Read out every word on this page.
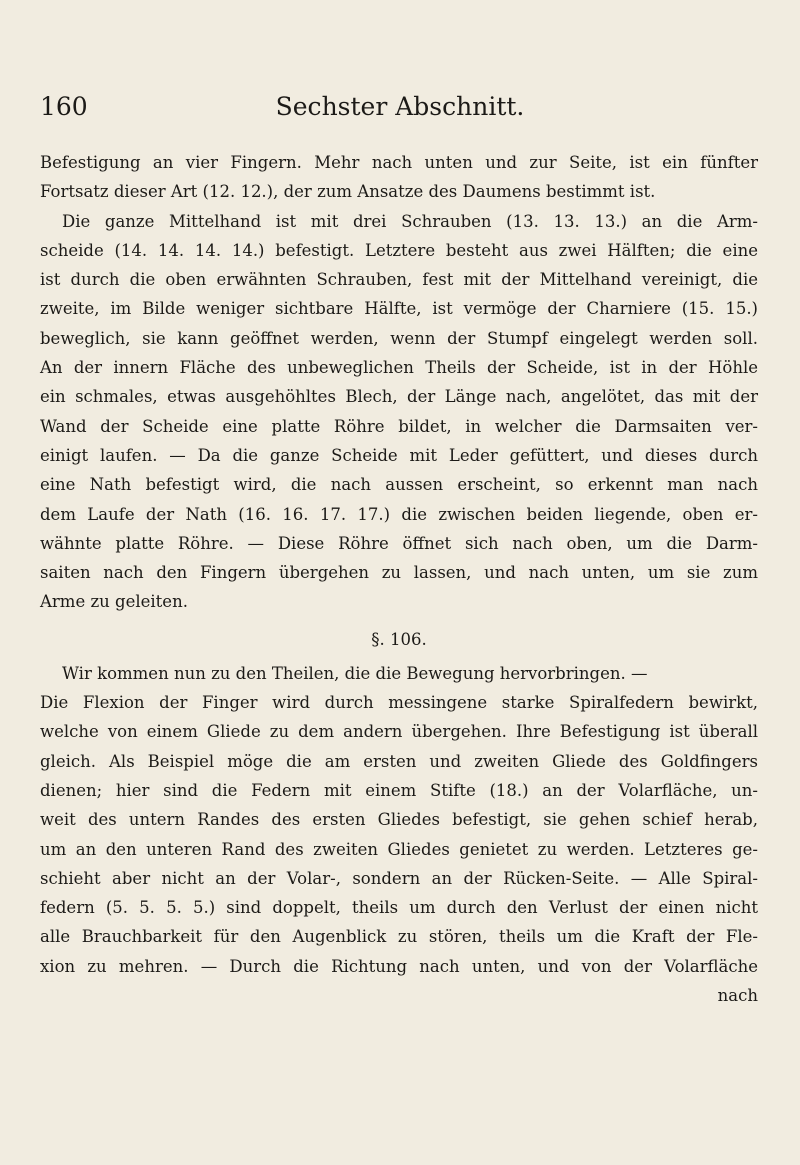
160	Sechster Abschnitt.
Befestigung an vier Fingern. Mehr nach unten und zur Seite, ist ein fünfter
Fortsatz dieser Art (12. 12.), der zum Ansatze des Daumens bestimmt ist.
Die ganze Mittelhand ist mit drei Schrauben (13. 13. 13.) an die Arm-
scheide (14. 14. 14. 14.) befestigt. Letztere besteht aus zwei Hälften; die eine
ist durch die oben erwähnten Schrauben, fest mit der Mittelhand vereinigt, die
zweite, im Bilde weniger sichtbare Hälfte, ist vermöge der Charniere (15. 15.)
beweglich, sie kann geöffnet werden, wenn der Stumpf eingelegt werden soll.
An der innern Fläche des unbeweglichen Theils der Scheide, ist in der Höhle
ein schmales, etwas ausgehöhltes Blech, der Länge nach, angelötet, das mit der
Wand der Scheide eine platte Röhre bildet, in welcher die Darmsaiten ver-
einigt laufen. — Da die ganze Scheide mit Leder gefüttert, und dieses durch
eine Nath befestigt wird, die nach aussen erscheint, so erkennt man nach
dem Laufe der Nath (16. 16. 17. 17.) die zwischen beiden liegende, oben er-
wähnte platte Röhre. — Diese Röhre öffnet sich nach oben, um die Darm-
saiten nach den Fingern übergehen zu lassen, und nach unten, um sie zum
Arme zu geleiten.
§. 106.
Wir kommen nun zu den Theilen, die die Bewegung hervorbringen. —
Die Flexion der Finger wird durch messingene starke Spiralfedern bewirkt,
welche von einem Gliede zu dem andern übergehen. Ihre Befestigung ist überall
gleich. Als Beispiel möge die am ersten und zweiten Gliede des Goldfingers
dienen; hier sind die Federn mit einem Stifte (18.) an der Volarfläche, un-
weit des untern Randes des ersten Gliedes befestigt, sie gehen schief herab,
um an den unteren Rand des zweiten Gliedes genietet zu werden. Letzteres ge-
schieht aber nicht an der Volar-, sondern an der Rücken-Seite. — Alle Spiral-
federn (5. 5. 5. 5.) sind doppelt, theils um durch den Verlust der einen nicht
alle Brauchbarkeit für den Augenblick zu stören, theils um die Kraft der Fle-
xion zu mehren. — Durch die Richtung nach unten, und von der Volarfläche
nach
